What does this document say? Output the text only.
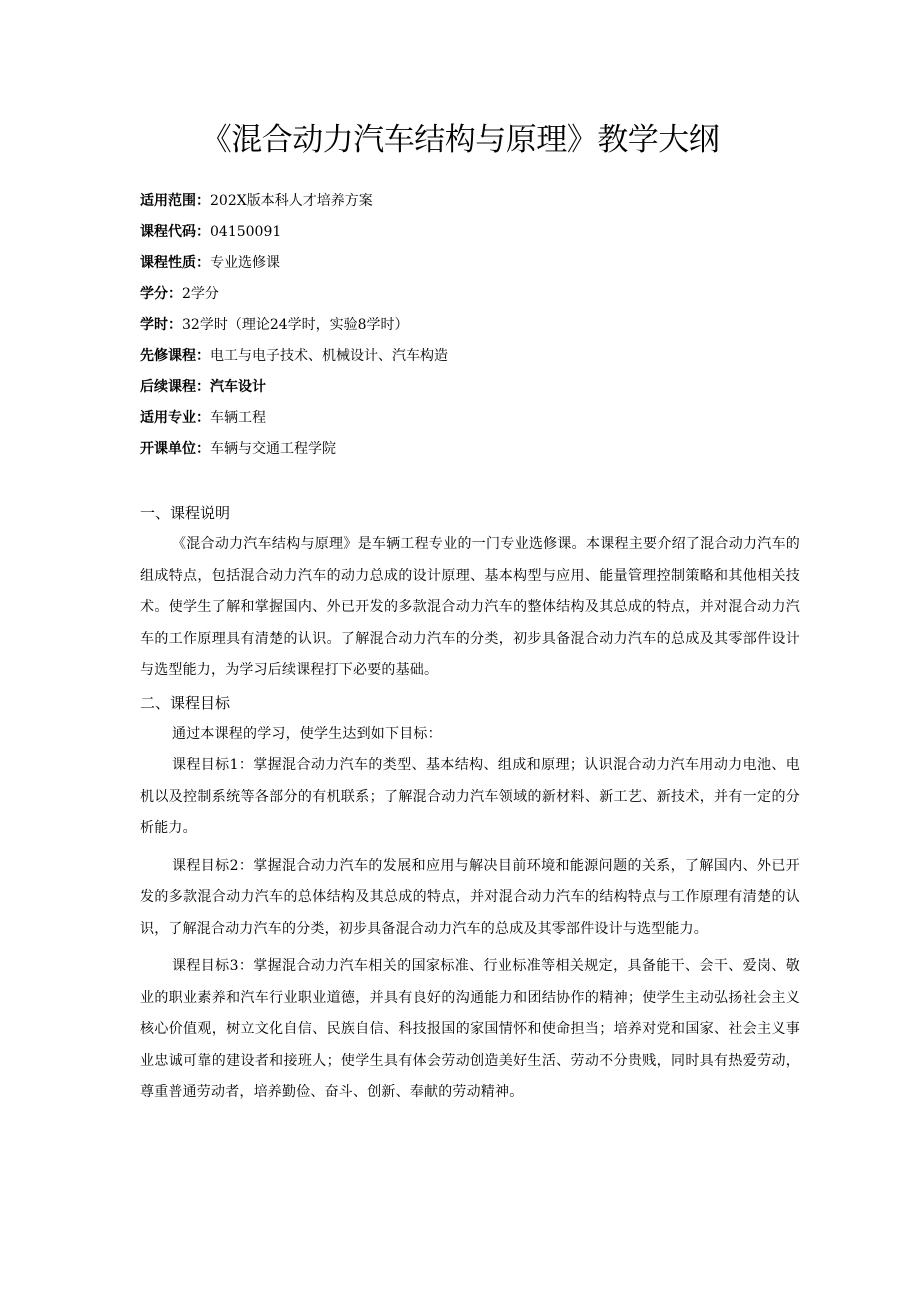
《混合动力汽车结构与原理》教学大纲
适用范围：202X版本科人才培养方案
课程代码：04150091
课程性质：专业选修课
学分：2学分
学时：32学时（理论24学时，实验8学时）
先修课程：电工与电子技术、机械设计、汽车构造
后续课程：汽车设计
适用专业：车辆工程
开课单位：车辆与交通工程学院
一、课程说明

《混合动力汽车结构与原理》是车辆工程专业的一门专业选修课。本课程主要介绍了混合动力汽车的组成特点，包括混合动力汽车的动力总成的设计原理、基本构型与应用、能量管理控制策略和其他相关技术。使学生了解和掌握国内、外已开发的多款混合动力汽车的整体结构及其总成的特点，并对混合动力汽车的工作原理具有清楚的认识。了解混合动力汽车的分类，初步具备混合动力汽车的总成及其零部件设计与选型能力，为学习后续课程打下必要的基础。

二、课程目标

通过本课程的学习，使学生达到如下目标：

课程目标1：掌握混合动力汽车的类型、基本结构、组成和原理；认识混合动力汽车用动力电池、电机以及控制系统等各部分的有机联系；了解混合动力汽车领域的新材料、新工艺、新技术，并有一定的分析能力。

课程目标2：掌握混合动力汽车的发展和应用与解决目前环境和能源问题的关系，了解国内、外已开发的多款混合动力汽车的总体结构及其总成的特点，并对混合动力汽车的结构特点与工作原理有清楚的认识，了解混合动力汽车的分类，初步具备混合动力汽车的总成及其零部件设计与选型能力。

课程目标3：掌握混合动力汽车相关的国家标准、行业标准等相关规定，具备能干、会干、爱岗、敬业的职业素养和汽车行业职业道德，并具有良好的沟通能力和团结协作的精神；使学生主动弘扬社会主义核心价值观，树立文化自信、民族自信、科技报国的家国情怀和使命担当；培养对党和国家、社会主义事业忠诚可靠的建设者和接班人；使学生具有体会劳动创造美好生活、劳动不分贵贱，同时具有热爱劳动，尊重普通劳动者，培养勤俭、奋斗、创新、奉献的劳动精神。
